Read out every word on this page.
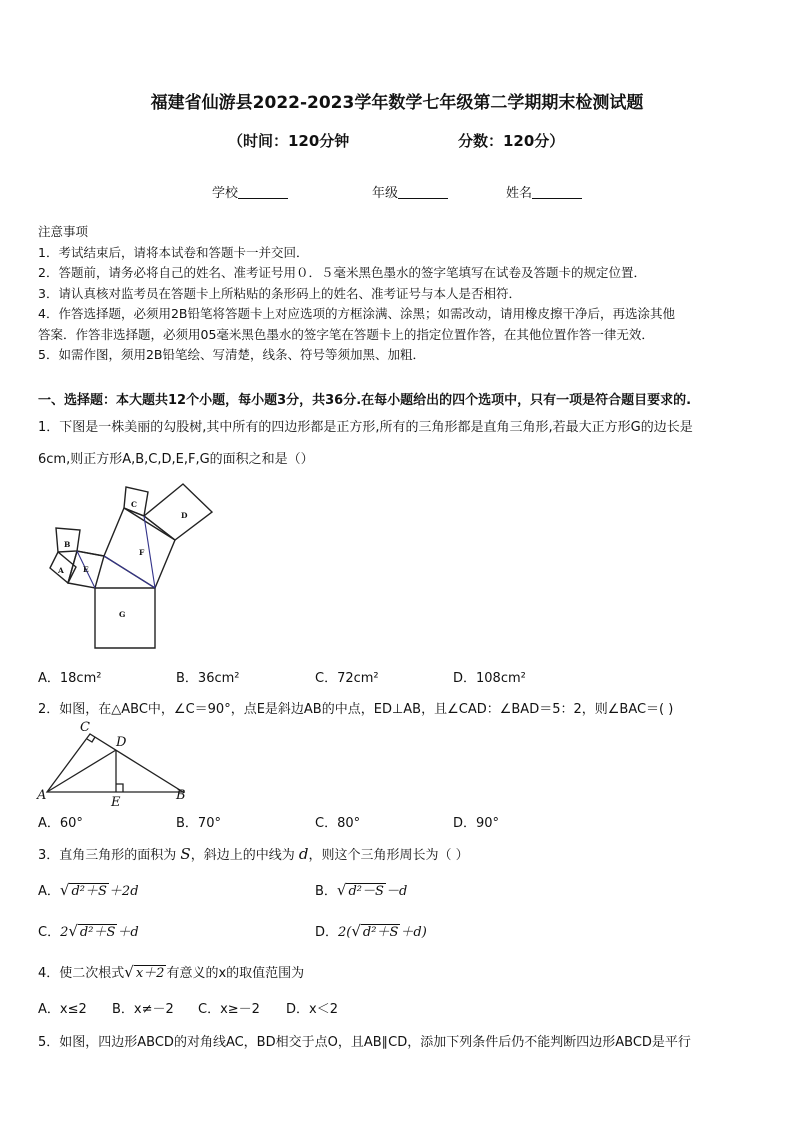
福建省仙游县2022-2023学年数学七年级第二学期期末检测试题
（时间：120分钟	分数：120分）
学校	年级	姓名
注意事项
1．考试结束后，请将本试卷和答题卡一并交回．
2．答题前，请务必将自己的姓名、准考证号用０．５毫米黑色墨水的签字笔填写在试卷及答题卡的规定位置．
3．请认真核对监考员在答题卡上所粘贴的条形码上的姓名、准考证号与本人是否相符．
4．作答选择题，必须用2B铅笔将答题卡上对应选项的方框涂满、涂黑；如需改动，请用橡皮擦干净后，再选涂其他
答案．作答非选择题，必须用05毫米黑色墨水的签字笔在答题卡上的指定位置作答，在其他位置作答一律无效．
5．如需作图，须用2B铅笔绘、写清楚，线条、符号等须加黑、加粗．
一、选择题：本大题共12个小题，每小题3分，共36分.在每小题给出的四个选项中，只有一项是符合题目要求的.
1．下图是一株美丽的勾股树,其中所有的四边形都是正方形,所有的三角形都是直角三角形,若最大正方形G的边长是
6cm,则正方形A,B,C,D,E,F,G的面积之和是（）
A
B
C
D
E
F
G
A．18cm²	B．36cm²	C．72cm²	D．108cm²
2．如图，在△ABC中，∠C＝90°，点E是斜边AB的中点，ED⊥AB，且∠CAD：∠BAD＝5：2，则∠BAC＝( )
C
D
A	B
E
A．60°	B．70°	C．80°	D．90°
3．直角三角形的面积为 S，斜边上的中线为 d，则这个三角形周长为（ ）
A．√ d²＋S ＋2d	B．√ d²－S －d
C．2√ d²＋S ＋d	D．2(√ d²＋S ＋d)
4．使二次根式√ x＋2 有意义的x的取值范围为
A．x≤2 B．x≠－2 C．x≥－2 D．x＜2
5．如图，四边形ABCD的对角线AC，BD相交于点O，且AB∥CD，添加下列条件后仍不能判断四边形ABCD是平行
